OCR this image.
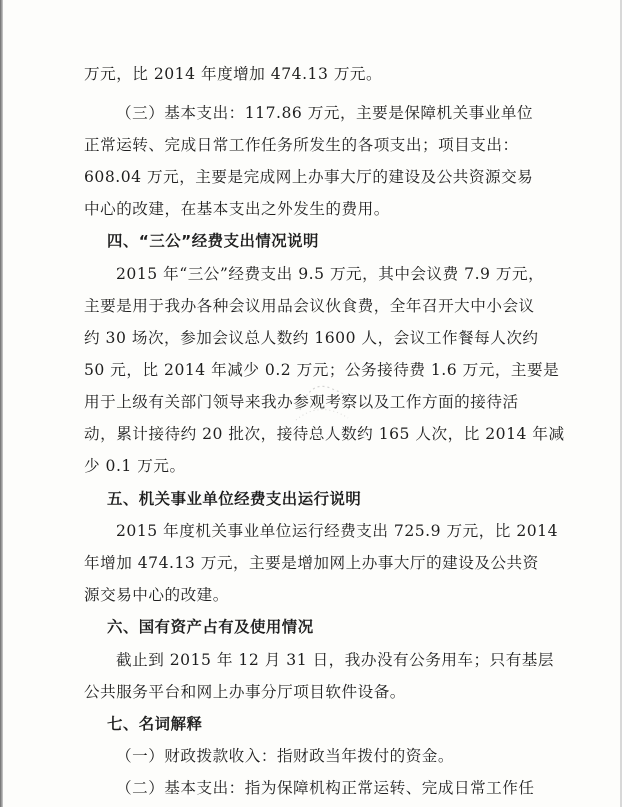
万元，比 2014 年度增加 474.13 万元。
（三）基本支出：117.86 万元，主要是保障机关事业单位
正常运转、完成日常工作任务所发生的各项支出；项目支出：
608.04 万元，主要是完成网上办事大厅的建设及公共资源交易
中心的改建，在基本支出之外发生的费用。
四、“三公”经费支出情况说明
2015 年“三公”经费支出 9.5 万元，其中会议费 7.9 万元，
主要是用于我办各种会议用品会议伙食费，全年召开大中小会议
约 30 场次，参加会议总人数约 1600 人，会议工作餐每人次约
50 元，比 2014 年减少 0.2 万元；公务接待费 1.6 万元，主要是
用于上级有关部门领导来我办参观考察以及工作方面的接待活
动，累计接待约 20 批次，接待总人数约 165 人次，比 2014 年减
少 0.1 万元。
五、机关事业单位经费支出运行说明
2015 年度机关事业单位运行经费支出 725.9 万元，比 2014
年增加 474.13 万元，主要是增加网上办事大厅的建设及公共资
源交易中心的改建。
六、国有资产占有及使用情况
截止到 2015 年 12 月 31 日，我办没有公务用车；只有基层
公共服务平台和网上办事分厅项目软件设备。
七、名词解释
（一）财政拨款收入：指财政当年拨付的资金。
（二）基本支出：指为保障机构正常运转、完成日常工作任
